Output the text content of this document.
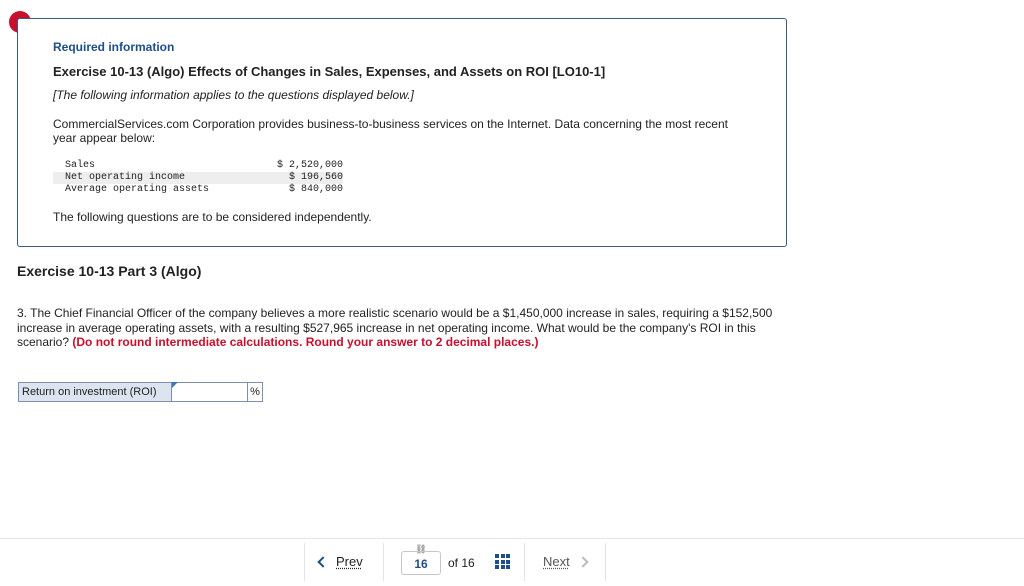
Required information
Exercise 10-13 (Algo) Effects of Changes in Sales, Expenses, and Assets on ROI [LO10-1]
[The following information applies to the questions displayed below.]
CommercialServices.com Corporation provides business-to-business services on the Internet. Data concerning the most recent year appear below:
Sales	$ 2,520,000
Net operating income	$ 196,560
Average operating assets	$ 840,000
The following questions are to be considered independently.
Exercise 10-13 Part 3 (Algo)
3. The Chief Financial Officer of the company believes a more realistic scenario would be a $1,450,000 increase in sales, requiring a $152,500 increase in average operating assets, with a resulting $527,965 increase in net operating income. What would be the company's ROI in this scenario? (Do not round intermediate calculations. Round your answer to 2 decimal places.)
Return on investment (ROI)	%
Prev
⛓
16	of 16	Next
